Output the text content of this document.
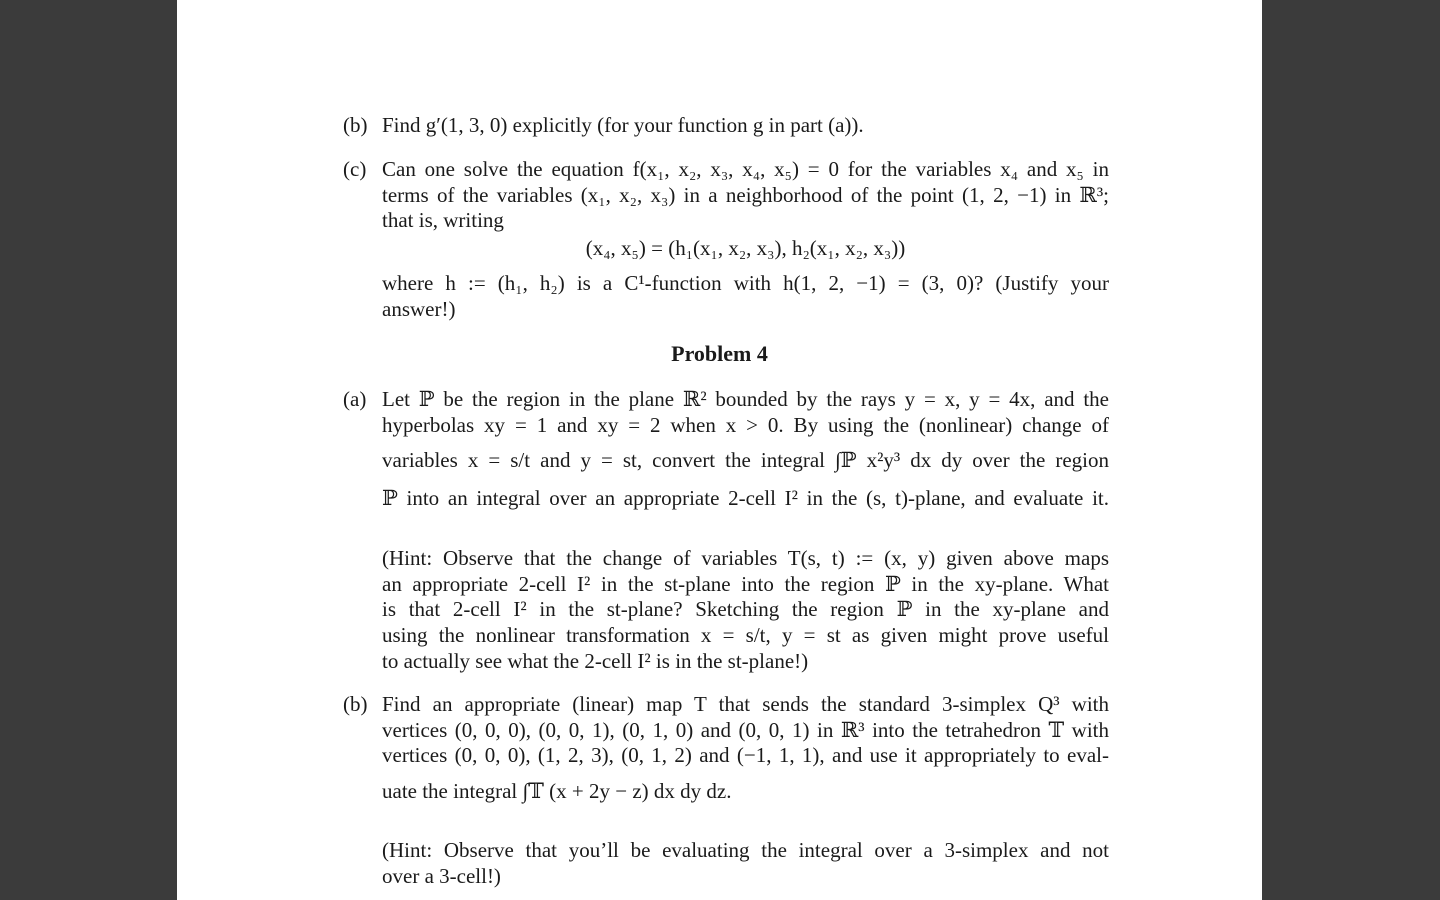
(b) Find g′(1, 3, 0) explicitly (for your function g in part (a)).
(c) Can one solve the equation f(x₁, x₂, x₃, x₄, x₅) = 0 for the variables x₄ and x₅ in
terms of the variables (x₁, x₂, x₃) in a neighborhood of the point (1, 2, −1) in ℝ³;
that is, writing
(x₄, x₅) = (h₁(x₁, x₂, x₃), h₂(x₁, x₂, x₃))
where h := (h₁, h₂) is a C¹-function with h(1, 2, −1) = (3, 0)? (Justify your
answer!)
Problem 4
(a) Let ℙ be the region in the plane ℝ² bounded by the rays y = x, y = 4x, and the
hyperbolas xy = 1 and xy = 2 when x > 0. By using the (nonlinear) change of
variables x = s/t and y = st, convert the integral ∫ℙ x²y³ dx dy over the region
ℙ into an integral over an appropriate 2-cell I² in the (s, t)-plane, and evaluate it.
(Hint: Observe that the change of variables T(s, t) := (x, y) given above maps
an appropriate 2-cell I² in the st-plane into the region ℙ in the xy-plane. What
is that 2-cell I² in the st-plane? Sketching the region ℙ in the xy-plane and
using the nonlinear transformation x = s/t, y = st as given might prove useful
to actually see what the 2-cell I² is in the st-plane!)
(b) Find an appropriate (linear) map T that sends the standard 3-simplex Q³ with
vertices (0, 0, 0), (0, 0, 1), (0, 1, 0) and (0, 0, 1) in ℝ³ into the tetrahedron 𝕋 with
vertices (0, 0, 0), (1, 2, 3), (0, 1, 2) and (−1, 1, 1), and use it appropriately to eval-
uate the integral ∫𝕋 (x + 2y − z) dx dy dz.
(Hint: Observe that you’ll be evaluating the integral over a 3-simplex and not
over a 3-cell!)
